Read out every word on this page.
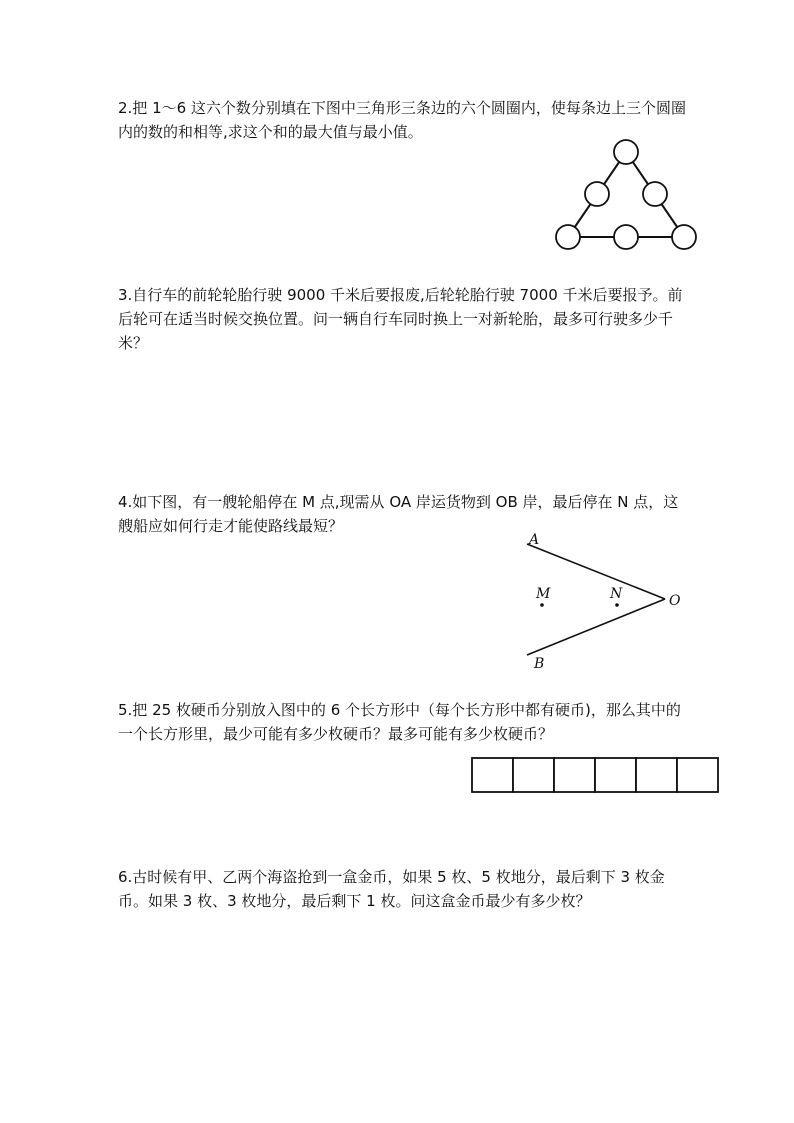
2.把 1～6 这六个数分别填在下图中三角形三条边的六个圆圈内，使每条边上三个圆圈内的数的和相等,求这个和的最大值与最小值。
3.自行车的前轮轮胎行驶 9000 千米后要报废,后轮轮胎行驶 7000 千米后要报予。前后轮可在适当时候交换位置。问一辆自行车同时换上一对新轮胎，最多可行驶多少千米？
4.如下图，有一艘轮船停在 M 点,现需从 OA 岸运货物到 OB 岸，最后停在 N 点，这艘船应如何行走才能使路线最短？
A
M	N	O
B
5.把 25 枚硬币分别放入图中的 6 个长方形中（每个长方形中都有硬币)，那么其中的一个长方形里，最少可能有多少枚硬币？最多可能有多少枚硬币？
6.古时候有甲、乙两个海盗抢到一盒金币，如果 5 枚、5 枚地分，最后剩下 3 枚金币。如果 3 枚、3 枚地分，最后剩下 1 枚。问这盒金币最少有多少枚？
